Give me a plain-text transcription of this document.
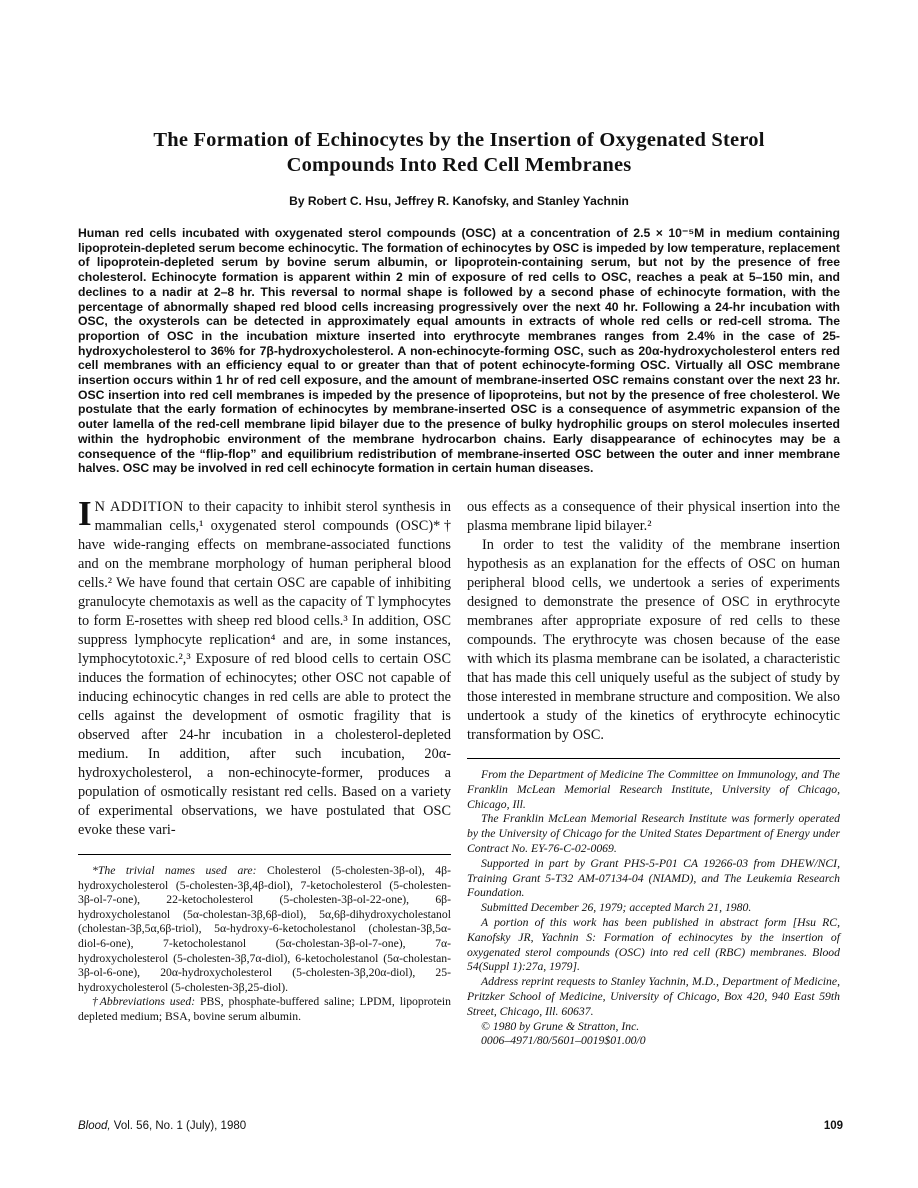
The Formation of Echinocytes by the Insertion of Oxygenated Sterol
Compounds Into Red Cell Membranes
By Robert C. Hsu, Jeffrey R. Kanofsky, and Stanley Yachnin
Human red cells incubated with oxygenated sterol compounds (OSC) at a concentration of 2.5 × 10⁻⁵M in medium containing lipoprotein-depleted serum become echinocytic. The formation of echinocytes by OSC is impeded by low temperature, replacement of lipoprotein-depleted serum by bovine serum albumin, or lipoprotein-containing serum, but not by the presence of free cholesterol. Echinocyte formation is apparent within 2 min of exposure of red cells to OSC, reaches a peak at 5–150 min, and declines to a nadir at 2–8 hr. This reversal to normal shape is followed by a second phase of echinocyte formation, with the percentage of abnormally shaped red blood cells increasing progressively over the next 40 hr. Following a 24-hr incubation with OSC, the oxysterols can be detected in approximately equal amounts in extracts of whole red cells or red-cell stroma. The proportion of OSC in the incubation mixture inserted into erythrocyte membranes ranges from 2.4% in the case of 25-hydroxycholesterol to 36% for 7β-hydroxycholesterol. A non-echinocyte-forming OSC, such as 20α-hydroxycholesterol enters red cell membranes with an efficiency equal to or greater than that of potent echinocyte-forming OSC. Virtually all OSC membrane insertion occurs within 1 hr of red cell exposure, and the amount of membrane-inserted OSC remains constant over the next 23 hr. OSC insertion into red cell membranes is impeded by the presence of lipoproteins, but not by the presence of free cholesterol. We postulate that the early formation of echinocytes by membrane-inserted OSC is a consequence of asymmetric expansion of the outer lamella of the red-cell membrane lipid bilayer due to the presence of bulky hydrophilic groups on sterol molecules inserted within the hydrophobic environment of the membrane hydrocarbon chains. Early disappearance of echinocytes may be a consequence of the “flip-flop” and equilibrium redistribution of membrane-inserted OSC between the outer and inner membrane halves. OSC may be involved in red cell echinocyte formation in certain human diseases.

I N ADDITION to their capacity to inhibit sterol synthesis in mammalian cells,¹ oxygenated sterol compounds (OSC)*† have wide-ranging effects on membrane-associated functions and on the membrane morphology of human peripheral blood cells.² We have found that certain OSC are capable of inhibiting granulocyte chemotaxis as well as the capacity of T lymphocytes to form E-rosettes with sheep red blood cells.³ In addition, OSC suppress lymphocyte replication⁴ and are, in some instances, lymphocytotoxic.²,³ Exposure of red blood cells to certain OSC induces the formation of echinocytes; other OSC not capable of inducing echinocytic changes in red cells are able to protect the cells against the development of osmotic fragility that is observed after 24-hr incubation in a cholesterol-depleted medium. In addition, after such incubation, 20α-hydroxycholesterol, a non-echinocyte-former, produces a population of osmotically resistant red cells. Based on a variety of experimental observations, we have postulated that OSC evoke these vari-

*The trivial names used are: Cholesterol (5-cholesten-3β-ol), 4β-hydroxycholesterol (5-cholesten-3β,4β-diol), 7-ketocholesterol (5-cholesten-3β-ol-7-one), 22-ketocholesterol (5-cholesten-3β-ol-22-one), 6β-hydroxycholestanol (5α-cholestan-3β,6β-diol), 5α,6β-dihydroxycholestanol (cholestan-3β,5α,6β-triol), 5α-hydroxy-6-ketocholestanol (cholestan-3β,5α-diol-6-one), 7-ketocholestanol (5α-cholestan-3β-ol-7-one), 7α-hydroxycholesterol (5-cholesten-3β,7α-diol), 6-ketocholestanol (5α-cholestan-3β-ol-6-one), 20α-hydroxycholesterol (5-cholesten-3β,20α-diol), 25-hydroxycholesterol (5-cholesten-3β,25-diol).

†Abbreviations used: PBS, phosphate-buffered saline; LPDM, lipoprotein depleted medium; BSA, bovine serum albumin.

ous effects as a consequence of their physical insertion into the plasma membrane lipid bilayer.²

In order to test the validity of the membrane insertion hypothesis as an explanation for the effects of OSC on human peripheral blood cells, we undertook a series of experiments designed to demonstrate the presence of OSC in erythrocyte membranes after appropriate exposure of red cells to these compounds. The erythrocyte was chosen because of the ease with which its plasma membrane can be isolated, a characteristic that has made this cell uniquely useful as the subject of study by those interested in membrane structure and composition. We also undertook a study of the kinetics of erythrocyte echinocytic transformation by OSC.

From the Department of Medicine The Committee on Immunology, and The Franklin McLean Memorial Research Institute, University of Chicago, Chicago, Ill.

The Franklin McLean Memorial Research Institute was formerly operated by the University of Chicago for the United States Department of Energy under Contract No. EY-76-C-02-0069.

Supported in part by Grant PHS-5-P01 CA 19266-03 from DHEW/NCI, Training Grant 5-T32 AM-07134-04 (NIAMD), and The Leukemia Research Foundation.

Submitted December 26, 1979; accepted March 21, 1980.

A portion of this work has been published in abstract form [Hsu RC, Kanofsky JR, Yachnin S: Formation of echinocytes by the insertion of oxygenated sterol compounds (OSC) into red cell (RBC) membranes. Blood 54(Suppl 1):27a, 1979].

Address reprint requests to Stanley Yachnin, M.D., Department of Medicine, Pritzker School of Medicine, University of Chicago, Box 420, 940 East 59th Street, Chicago, Ill. 60637.

© 1980 by Grune & Stratton, Inc.

0006–4971/80/5601–0019$01.00/0

Blood, Vol. 56, No. 1 (July), 1980	109
